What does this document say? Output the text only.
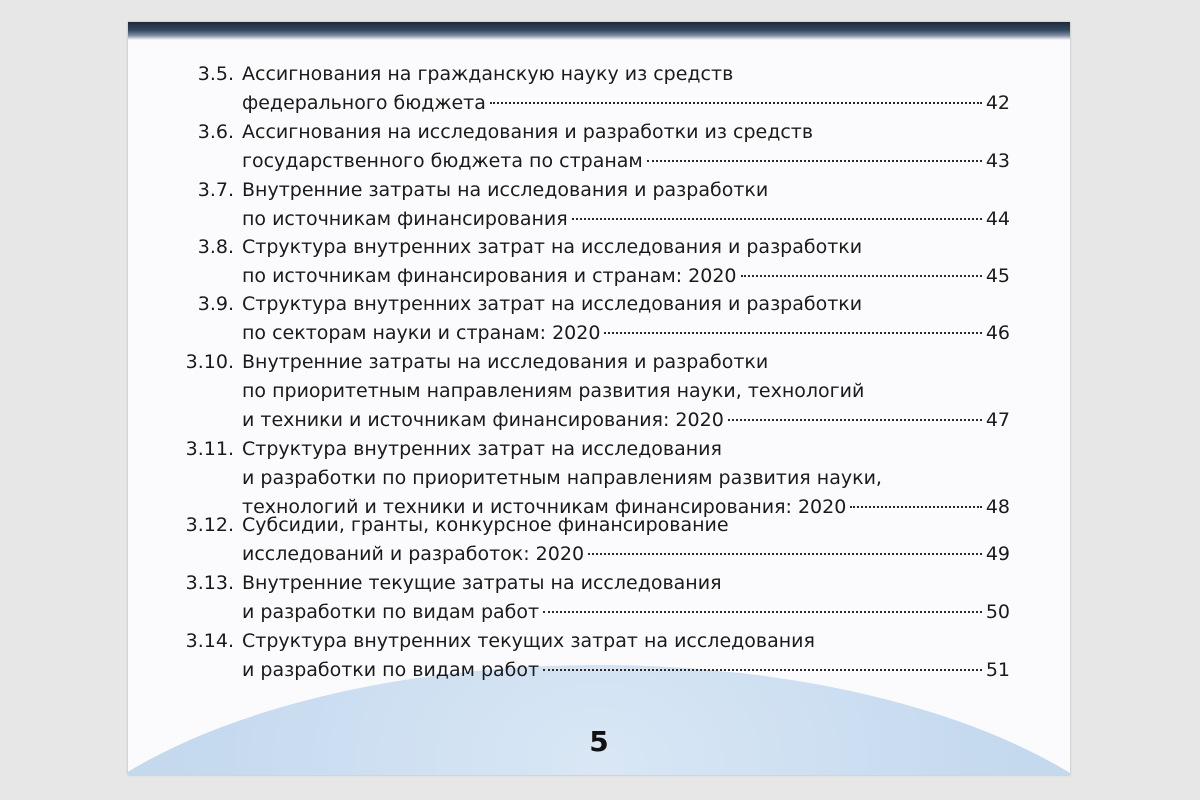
3.5. Ассигнования на гражданскую науку из средств
федерального бюджета	42
3.6. Ассигнования на исследования и разработки из средств
государственного бюджета по странам	43
3.7. Внутренние затраты на исследования и разработки
по источникам финансирования	44
3.8. Структура внутренних затрат на исследования и разработки
по источникам финансирования и странам: 2020	45
3.9. Структура внутренних затрат на исследования и разработки
по секторам науки и странам: 2020	46
3.10. Внутренние затраты на исследования и разработки
по приоритетным направлениям развития науки, технологий
и техники и источникам финансирования: 2020	47
3.11. Структура внутренних затрат на исследования
и разработки по приоритетным направлениям развития науки,
технологий и техники и источникам финансирования: 2020	48
3.12. Субсидии, гранты, конкурсное финансирование
исследований и разработок: 2020	49
3.13. Внутренние текущие затраты на исследования
и разработки по видам работ	50
3.14. Структура внутренних текущих затрат на исследования
и разработки по видам работ	51
5
